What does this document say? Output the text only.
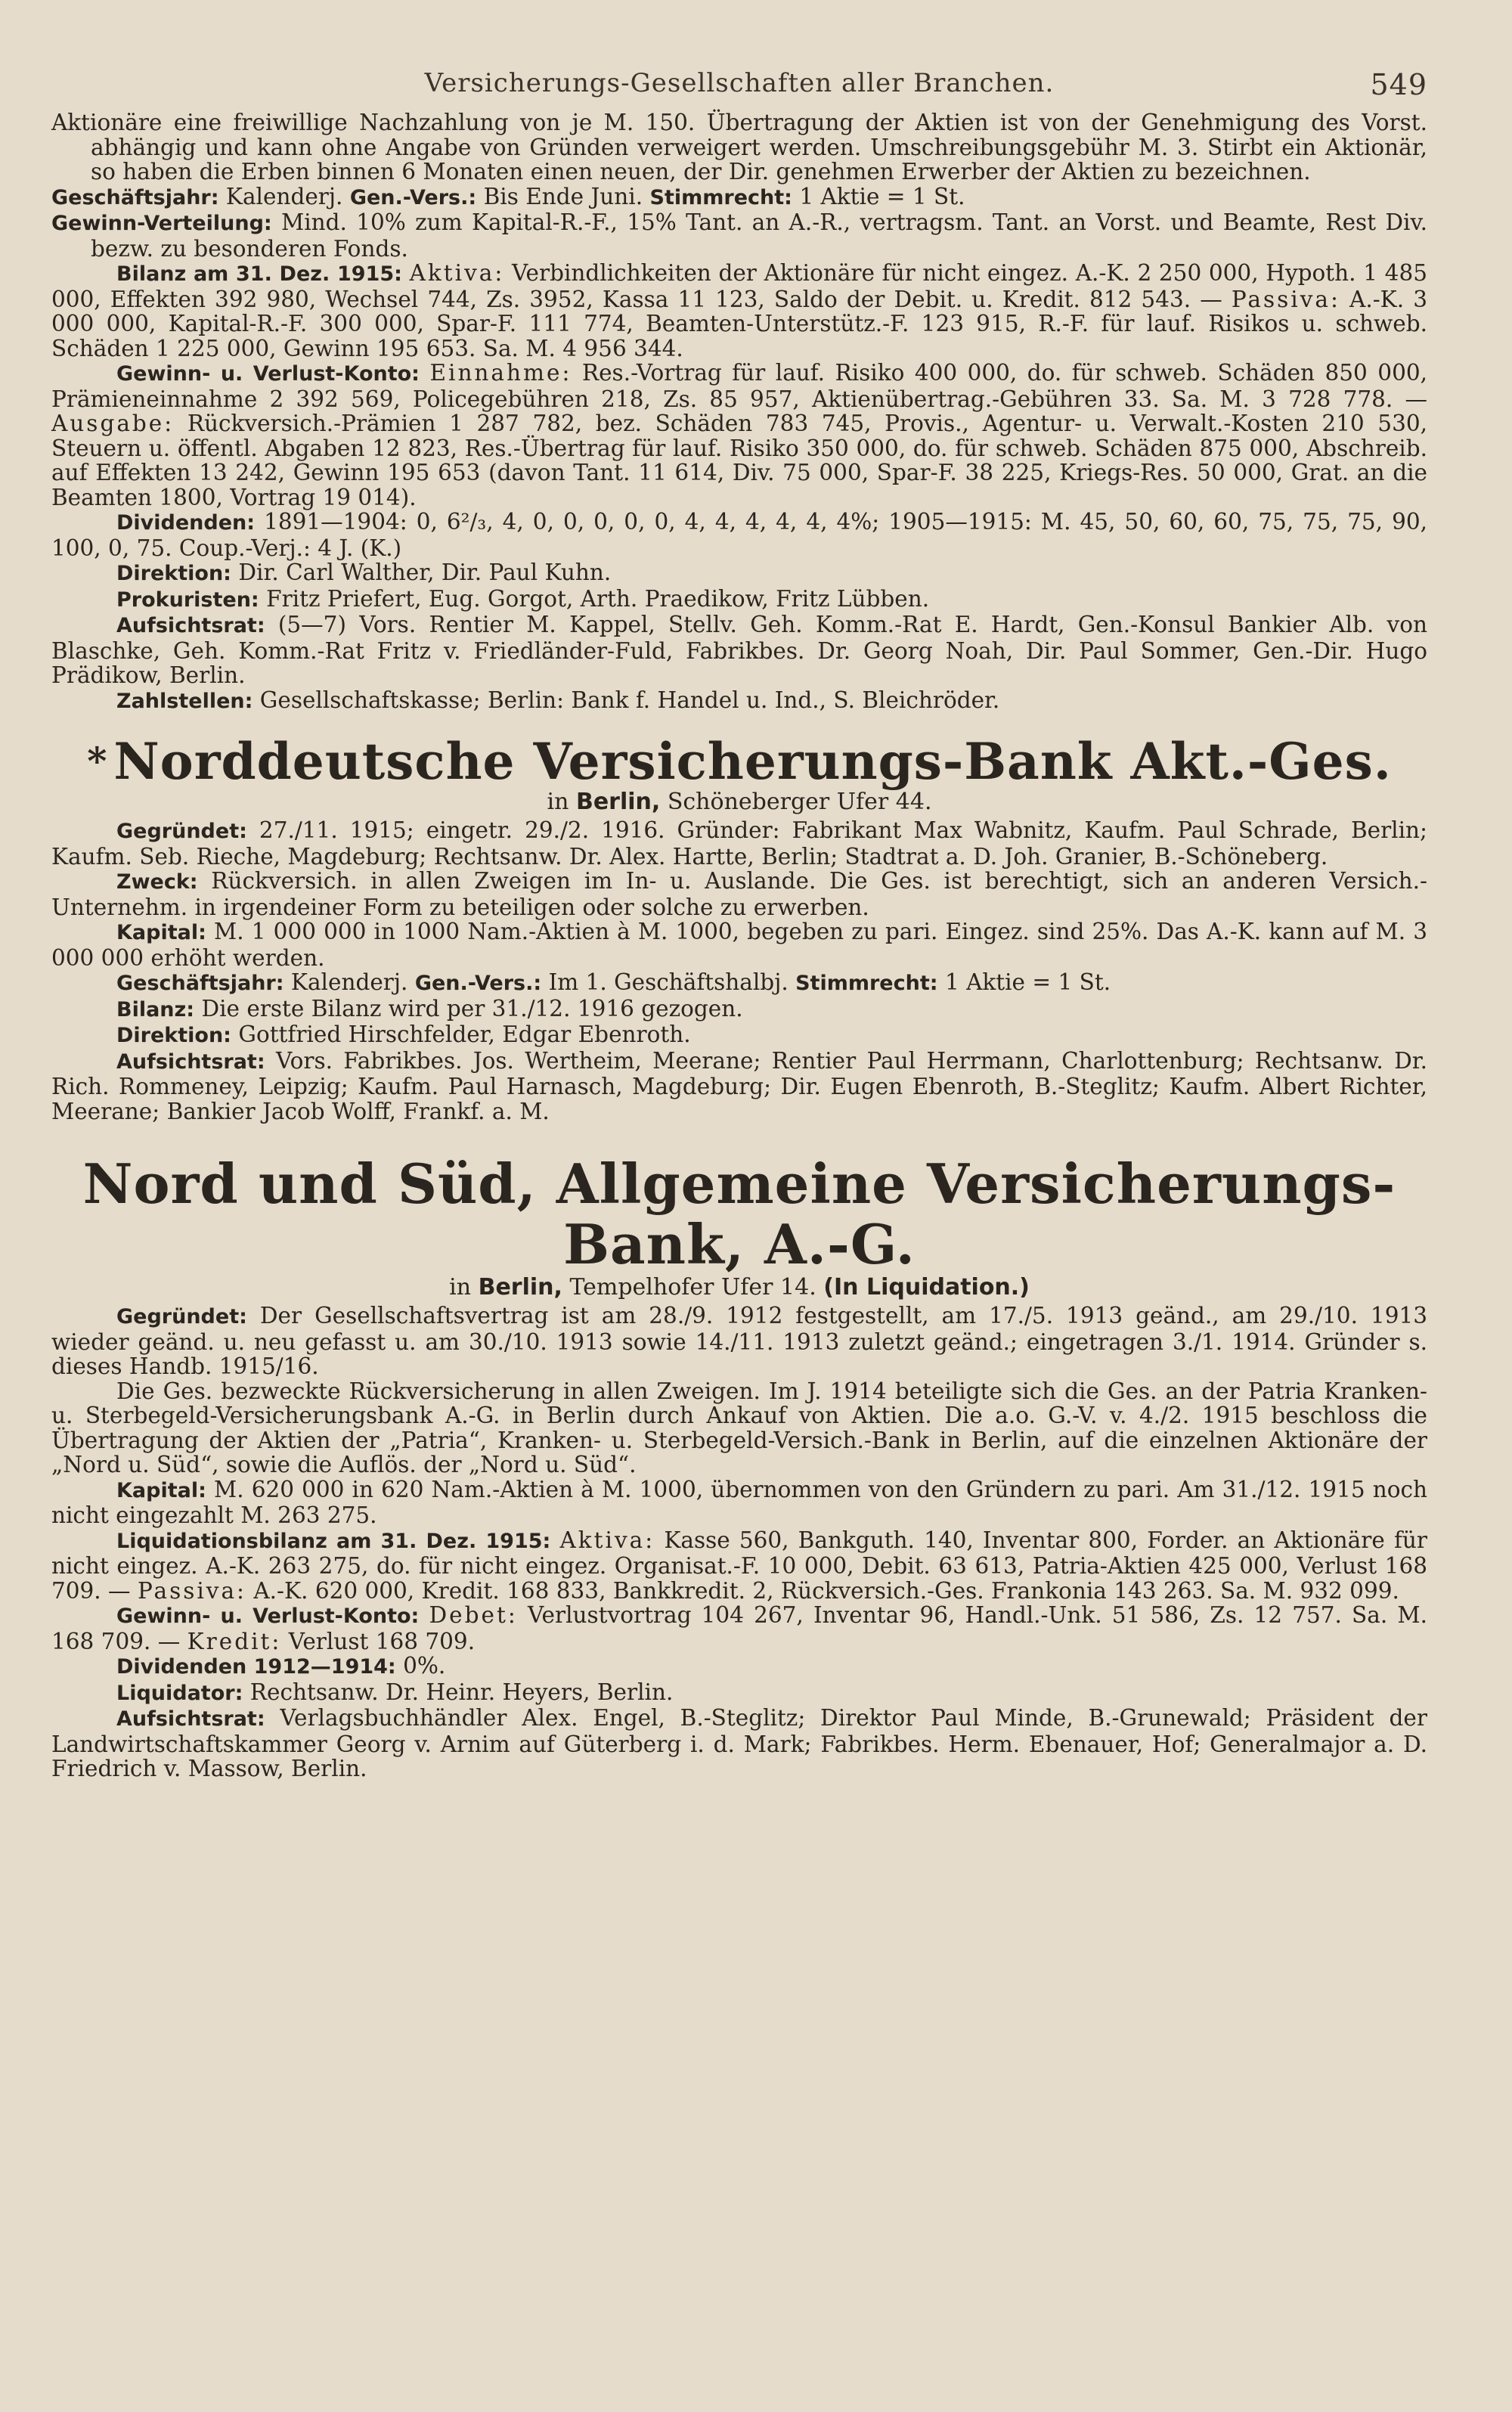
Versicherungs-Gesellschaften aller Branchen.	549

Aktionäre eine freiwillige Nachzahlung von je M. 150. Übertragung der Aktien ist von der Genehmigung des Vorst. abhängig und kann ohne Angabe von Gründen verweigert werden. Umschreibungsgebühr M. 3. Stirbt ein Aktionär, so haben die Erben binnen 6 Monaten einen neuen, der Dir. genehmen Erwerber der Aktien zu bezeichnen.

Geschäftsjahr: Kalenderj. Gen.-Vers.: Bis Ende Juni. Stimmrecht: 1 Aktie = 1 St.

Gewinn-Verteilung: Mind. 10% zum Kapital-R.-F., 15% Tant. an A.-R., vertragsm. Tant. an Vorst. und Beamte, Rest Div. bezw. zu besonderen Fonds.

Bilanz am 31. Dez. 1915: Aktiva: Verbindlichkeiten der Aktionäre für nicht eingez. A.-K. 2 250 000, Hypoth. 1 485 000, Effekten 392 980, Wechsel 744, Zs. 3952, Kassa 11 123, Saldo der Debit. u. Kredit. 812 543. — Passiva: A.-K. 3 000 000, Kapital-R.-F. 300 000, Spar-F. 111 774, Beamten-Unterstütz.-F. 123 915, R.-F. für lauf. Risikos u. schweb. Schäden 1 225 000, Gewinn 195 653. Sa. M. 4 956 344.

Gewinn- u. Verlust-Konto: Einnahme: Res.-Vortrag für lauf. Risiko 400 000, do. für schweb. Schäden 850 000, Prämieneinnahme 2 392 569, Policegebühren 218, Zs. 85 957, Aktienübertrag.-Gebühren 33. Sa. M. 3 728 778. — Ausgabe: Rückversich.-Prämien 1 287 782, bez. Schäden 783 745, Provis., Agentur- u. Verwalt.-Kosten 210 530, Steuern u. öffentl. Abgaben 12 823, Res.-Übertrag für lauf. Risiko 350 000, do. für schweb. Schäden 875 000, Abschreib. auf Effekten 13 242, Gewinn 195 653 (davon Tant. 11 614, Div. 75 000, Spar-F. 38 225, Kriegs-Res. 50 000, Grat. an die Beamten 1800, Vortrag 19 014).

Dividenden: 1891—1904: 0, 6²/₃, 4, 0, 0, 0, 0, 0, 4, 4, 4, 4, 4, 4%; 1905—1915: M. 45, 50, 60, 60, 75, 75, 75, 90, 100, 0, 75. Coup.-Verj.: 4 J. (K.)

Direktion: Dir. Carl Walther, Dir. Paul Kuhn.

Prokuristen: Fritz Priefert, Eug. Gorgot, Arth. Praedikow, Fritz Lübben.

Aufsichtsrat: (5—7) Vors. Rentier M. Kappel, Stellv. Geh. Komm.-Rat E. Hardt, Gen.-Konsul Bankier Alb. von Blaschke, Geh. Komm.-Rat Fritz v. Friedländer-Fuld, Fabrikbes. Dr. Georg Noah, Dir. Paul Sommer, Gen.-Dir. Hugo Prädikow, Berlin.

Zahlstellen: Gesellschaftskasse; Berlin: Bank f. Handel u. Ind., S. Bleichröder.

* Norddeutsche Versicherungs-Bank Akt.-Ges.
in Berlin, Schöneberger Ufer 44.

Gegründet: 27./11. 1915; eingetr. 29./2. 1916. Gründer: Fabrikant Max Wabnitz, Kaufm. Paul Schrade, Berlin; Kaufm. Seb. Rieche, Magdeburg; Rechtsanw. Dr. Alex. Hartte, Berlin; Stadtrat a. D. Joh. Granier, B.-Schöneberg.

Zweck: Rückversich. in allen Zweigen im In- u. Auslande. Die Ges. ist berechtigt, sich an anderen Versich.-Unternehm. in irgendeiner Form zu beteiligen oder solche zu erwerben.

Kapital: M. 1 000 000 in 1000 Nam.-Aktien à M. 1000, begeben zu pari. Eingez. sind 25%. Das A.-K. kann auf M. 3 000 000 erhöht werden.

Geschäftsjahr: Kalenderj. Gen.-Vers.: Im 1. Geschäftshalbj. Stimmrecht: 1 Aktie = 1 St.

Bilanz: Die erste Bilanz wird per 31./12. 1916 gezogen.

Direktion: Gottfried Hirschfelder, Edgar Ebenroth.

Aufsichtsrat: Vors. Fabrikbes. Jos. Wertheim, Meerane; Rentier Paul Herrmann, Charlottenburg; Rechtsanw. Dr. Rich. Rommeney, Leipzig; Kaufm. Paul Harnasch, Magdeburg; Dir. Eugen Ebenroth, B.-Steglitz; Kaufm. Albert Richter, Meerane; Bankier Jacob Wolff, Frankf. a. M.

Nord und Süd, Allgemeine Versicherungs-Bank, A.-G.
in Berlin, Tempelhofer Ufer 14. (In Liquidation.)

Gegründet: Der Gesellschaftsvertrag ist am 28./9. 1912 festgestellt, am 17./5. 1913 geänd., am 29./10. 1913 wieder geänd. u. neu gefasst u. am 30./10. 1913 sowie 14./11. 1913 zuletzt geänd.; eingetragen 3./1. 1914. Gründer s. dieses Handb. 1915/16.

Die Ges. bezweckte Rückversicherung in allen Zweigen. Im J. 1914 beteiligte sich die Ges. an der Patria Kranken- u. Sterbegeld-Versicherungsbank A.-G. in Berlin durch Ankauf von Aktien. Die a.o. G.-V. v. 4./2. 1915 beschloss die Übertragung der Aktien der „Patria“, Kranken- u. Sterbegeld-Versich.-Bank in Berlin, auf die einzelnen Aktionäre der „Nord u. Süd“, sowie die Auflös. der „Nord u. Süd“.

Kapital: M. 620 000 in 620 Nam.-Aktien à M. 1000, übernommen von den Gründern zu pari. Am 31./12. 1915 noch nicht eingezahlt M. 263 275.

Liquidationsbilanz am 31. Dez. 1915: Aktiva: Kasse 560, Bankguth. 140, Inventar 800, Forder. an Aktionäre für nicht eingez. A.-K. 263 275, do. für nicht eingez. Organisat.-F. 10 000, Debit. 63 613, Patria-Aktien 425 000, Verlust 168 709. — Passiva: A.-K. 620 000, Kredit. 168 833, Bankkredit. 2, Rückversich.-Ges. Frankonia 143 263. Sa. M. 932 099.

Gewinn- u. Verlust-Konto: Debet: Verlustvortrag 104 267, Inventar 96, Handl.-Unk. 51 586, Zs. 12 757. Sa. M. 168 709. — Kredit: Verlust 168 709.

Dividenden 1912—1914: 0%.

Liquidator: Rechtsanw. Dr. Heinr. Heyers, Berlin.

Aufsichtsrat: Verlagsbuchhändler Alex. Engel, B.-Steglitz; Direktor Paul Minde, B.-Grunewald; Präsident der Landwirtschaftskammer Georg v. Arnim auf Güterberg i. d. Mark; Fabrikbes. Herm. Ebenauer, Hof; Generalmajor a. D. Friedrich v. Massow, Berlin.
